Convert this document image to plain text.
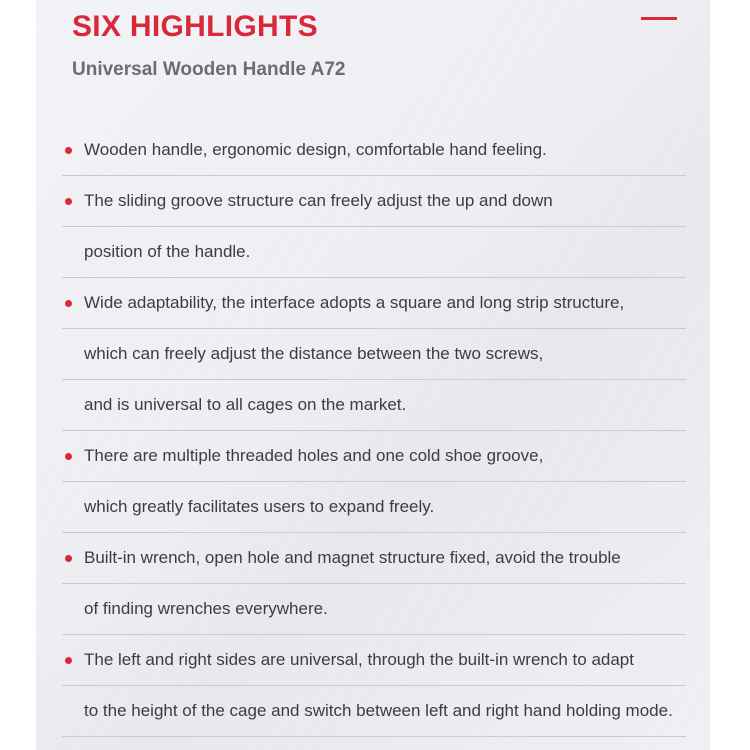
SIX HIGHLIGHTS
Universal Wooden Handle A72
Wooden handle, ergonomic design, comfortable hand feeling.
The sliding groove structure can freely adjust the up and down
position of the handle.
Wide adaptability, the interface adopts a square and long strip structure,
which can freely adjust the distance between the two screws,
and is universal to all cages on the market.
There are multiple threaded holes and one cold shoe groove,
which greatly facilitates users to expand freely.
Built-in wrench, open hole and magnet structure fixed, avoid the trouble
of finding wrenches everywhere.
The left and right sides are universal, through the built-in wrench to adapt
to the height of the cage and switch between left and right hand holding mode.
